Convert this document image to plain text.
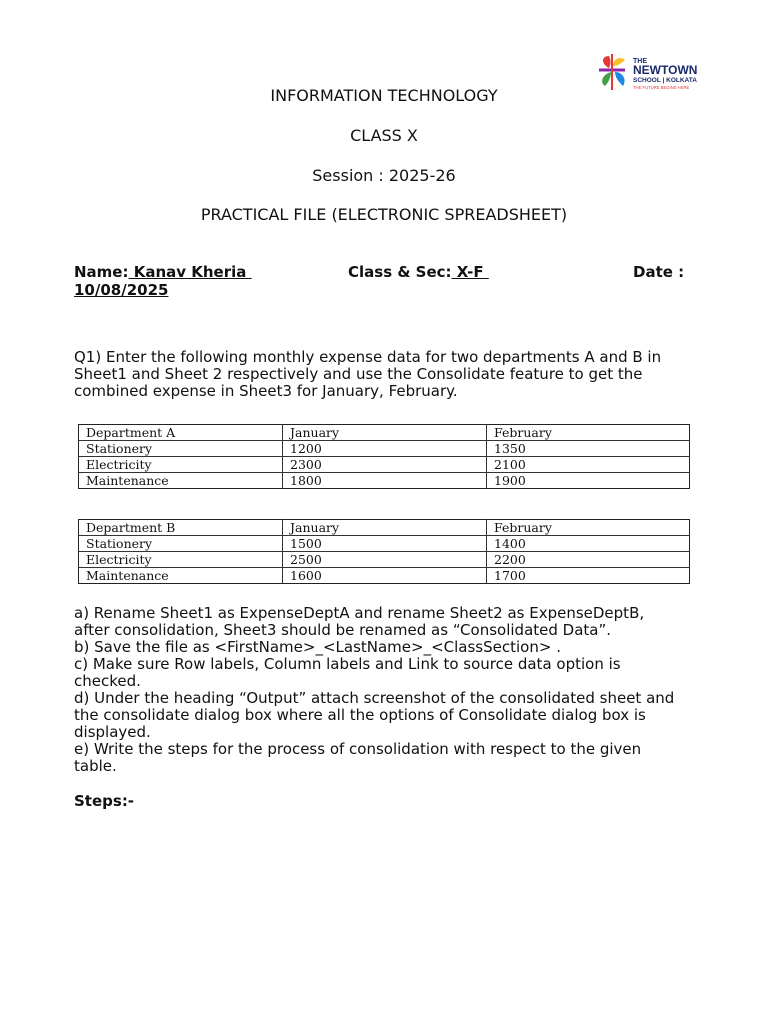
THE
NEWTOWN
SCHOOL | KOLKATA
THE FUTURE BEGINS HERE
INFORMATION TECHNOLOGY
CLASS X
Session : 2025-26
PRACTICAL FILE (ELECTRONIC SPREADSHEET)
Name: Kanav Kheria	Class & Sec: X-F	Date :
10/08/2025
Q1) Enter the following monthly expense data for two departments A and B in
Sheet1 and Sheet 2 respectively and use the Consolidate feature to get the
combined expense in Sheet3 for January, February.
Department A	January	February
Stationery	1200	1350
Electricity	2300	2100
Maintenance	1800	1900
Department B	January	February
Stationery	1500	1400
Electricity	2500	2200
Maintenance	1600	1700
a) Rename Sheet1 as ExpenseDeptA and rename Sheet2 as ExpenseDeptB,
after consolidation, Sheet3 should be renamed as “Consolidated Data”.
b) Save the file as <FirstName>_<LastName>_<ClassSection> .
c) Make sure Row labels, Column labels and Link to source data option is
checked.
d) Under the heading “Output” attach screenshot of the consolidated sheet and
the consolidate dialog box where all the options of Consolidate dialog box is
displayed.
e) Write the steps for the process of consolidation with respect to the given
table.
Steps:-
